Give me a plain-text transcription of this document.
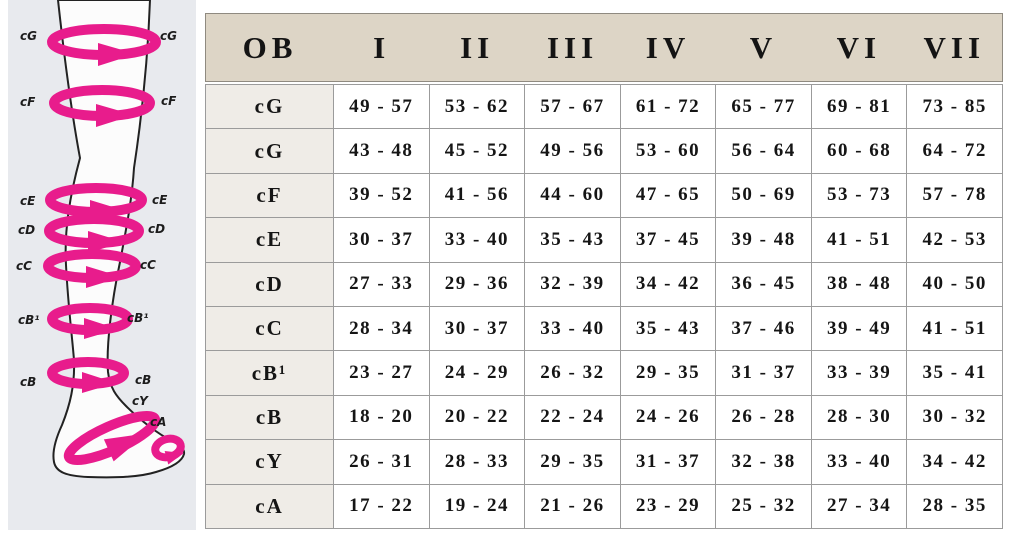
cG	cG
cF	cF
cE	cE
cD	cD
cC	cC
cB¹	cB¹
cB	cB
cY
cA
OB	I	II	III	IV	V	VI	VII
cG	49 - 57	53 - 62	57 - 67	61 - 72	65 - 77	69 - 81	73 - 85
cG	43 - 48	45 - 52	49 - 56	53 - 60	56 - 64	60 - 68	64 - 72
cF	39 - 52	41 - 56	44 - 60	47 - 65	50 - 69	53 - 73	57 - 78
cE	30 - 37	33 - 40	35 - 43	37 - 45	39 - 48	41 - 51	42 - 53
cD	27 - 33	29 - 36	32 - 39	34 - 42	36 - 45	38 - 48	40 - 50
cC	28 - 34	30 - 37	33 - 40	35 - 43	37 - 46	39 - 49	41 - 51
cB¹	23 - 27	24 - 29	26 - 32	29 - 35	31 - 37	33 - 39	35 - 41
cB	18 - 20	20 - 22	22 - 24	24 - 26	26 - 28	28 - 30	30 - 32
cY	26 - 31	28 - 33	29 - 35	31 - 37	32 - 38	33 - 40	34 - 42
cA	17 - 22	19 - 24	21 - 26	23 - 29	25 - 32	27 - 34	28 - 35
